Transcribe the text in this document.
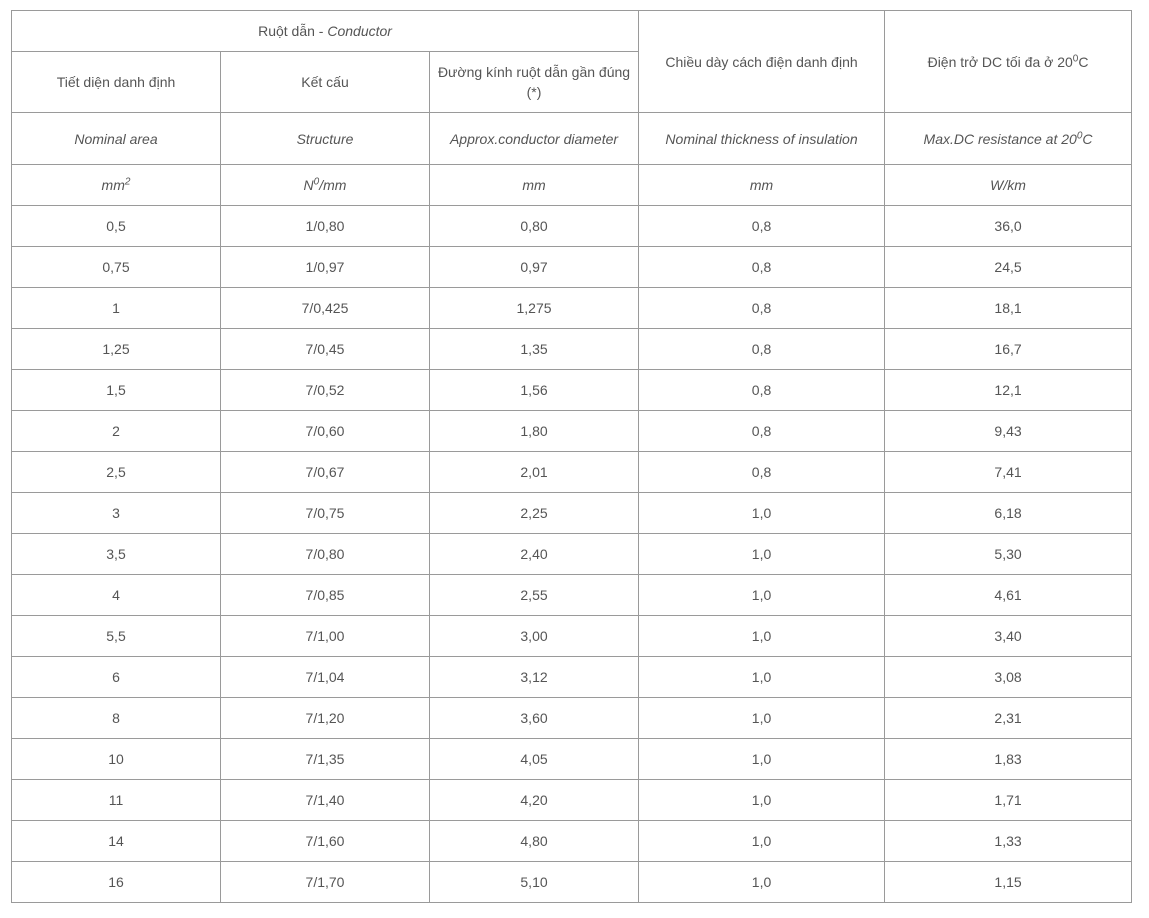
Ruột dẫn - Conductor			Chiều dày cách điện danh định	Điện trở DC tối đa ở $20^0C$
Tiết diện danh định	Kết cấu	Đường kính ruột dẫn gần đúng (*)		
Nominal area	Structure	Approx.conductor diameter	Nominal thickness of insulation	Max.DC resistance at $20^0C$
$mm^2$	$N^0/mm$	mm	mm	W/km
0,5	1/0,80	0,80	0,8	36,0
0,75	1/0,97	0,97	0,8	24,5
1	7/0,425	1,275	0,8	18,1
1,25	7/0,45	1,35	0,8	16,7
1,5	7/0,52	1,56	0,8	12,1
2	7/0,60	1,80	0,8	9,43
2,5	7/0,67	2,01	0,8	7,41
3	7/0,75	2,25	1,0	6,18
3,5	7/0,80	2,40	1,0	5,30
4	7/0,85	2,55	1,0	4,61
5,5	7/1,00	3,00	1,0	3,40
6	7/1,04	3,12	1,0	3,08
8	7/1,20	3,60	1,0	2,31
10	7/1,35	4,05	1,0	1,83
11	7/1,40	4,20	1,0	1,71
14	7/1,60	4,80	1,0	1,33
16	7/1,70	5,10	1,0	1,15
